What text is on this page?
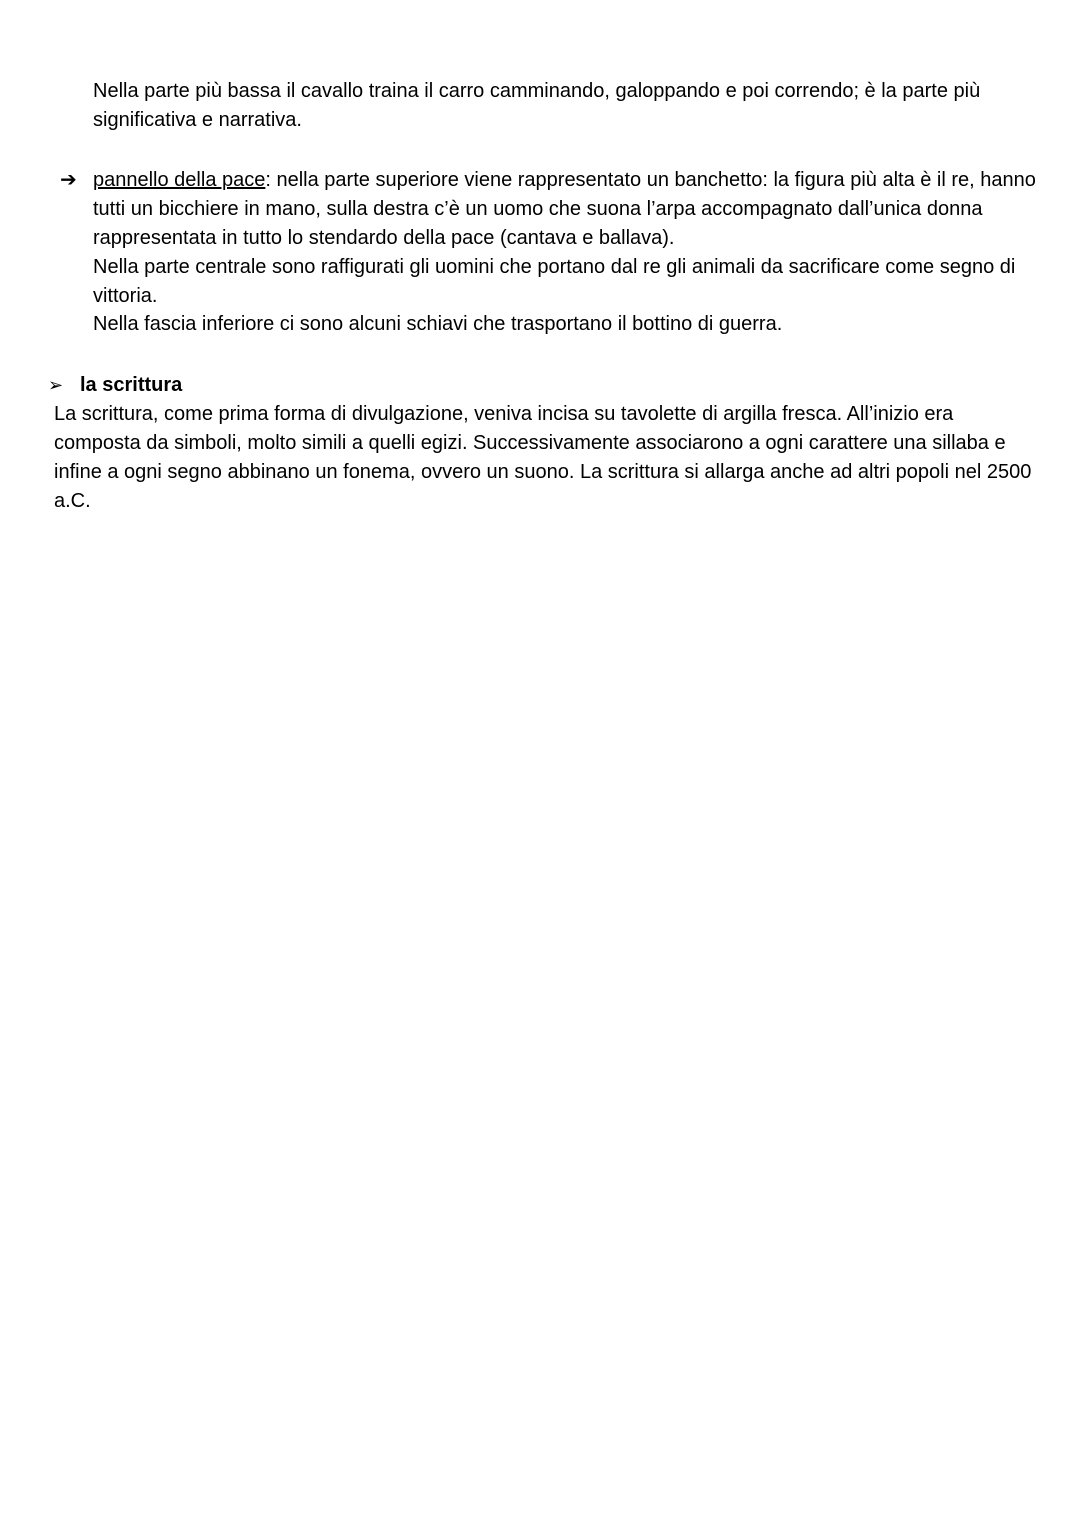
Nella parte più bassa il cavallo traina il carro camminando, galoppando e poi correndo; è la parte più significativa e narrativa.

➔ pannello della pace: nella parte superiore viene rappresentato un banchetto: la figura più alta è il re, hanno tutti un bicchiere in mano, sulla destra c’è un uomo che suona l’arpa accompagnato dall’unica donna rappresentata in tutto lo stendardo della pace (cantava e ballava).

Nella parte centrale sono raffigurati gli uomini che portano dal re gli animali da sacrificare come segno di vittoria.

Nella fascia inferiore ci sono alcuni schiavi che trasportano il bottino di guerra.

➢ la scrittura

La scrittura, come prima forma di divulgazione, veniva incisa su tavolette di argilla fresca. All’inizio era composta da simboli, molto simili a quelli egizi. Successivamente associarono a ogni carattere una sillaba e infine a ogni segno abbinano un fonema, ovvero un suono. La scrittura si allarga anche ad altri popoli nel 2500 a.C.
